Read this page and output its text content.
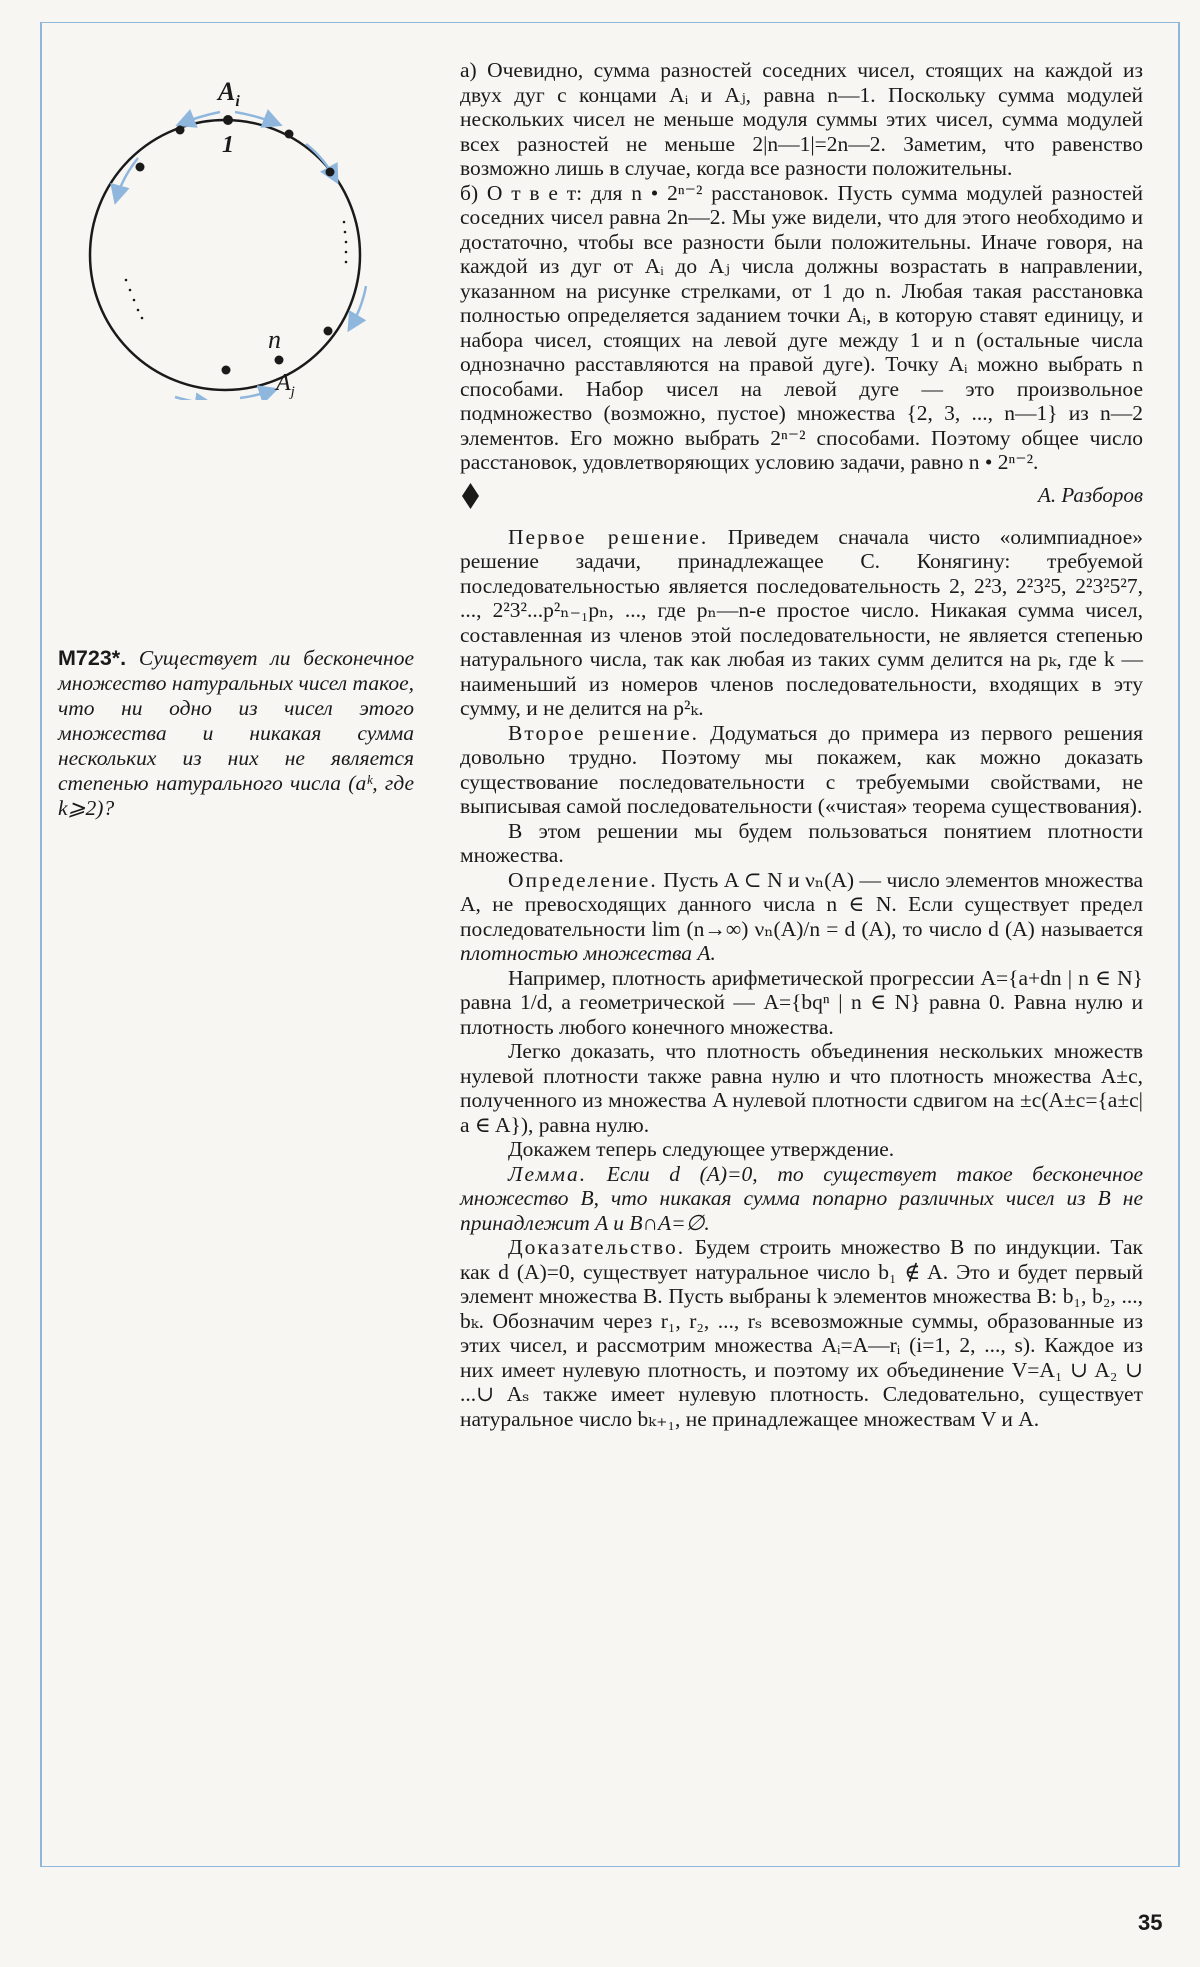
$A_i$
1
n
$A_j$
М723*. Существует ли бесконечное множество натуральных чисел такое, что ни одно из чисел этого множества и никакая сумма нескольких из них не является степенью натурального числа (aᵏ, где k⩾2)?

а) Очевидно, сумма разностей соседних чисел, стоящих на каждой из двух дуг с концами Aᵢ и Aⱼ, равна n—1. Поскольку сумма модулей нескольких чисел не меньше модуля суммы этих чисел, сумма модулей всех разностей не меньше 2|n—1|=2n—2. Заметим, что равенство возможно лишь в случае, когда все разности положительны.

б) О т в е т: для n • 2ⁿ⁻² расстановок. Пусть сумма модулей разностей соседних чисел равна 2n—2. Мы уже видели, что для этого необходимо и достаточно, чтобы все разности были положительны. Иначе говоря, на каждой из дуг от Aᵢ до Aⱼ числа должны возрастать в направлении, указанном на рисунке стрелками, от 1 до n. Любая такая расстановка полностью определяется заданием точки Aᵢ, в которую ставят единицу, и набора чисел, стоящих на левой дуге между 1 и n (остальные числа однозначно расставляются на правой дуге). Точку Aᵢ можно выбрать n способами. Набор чисел на левой дуге — это произвольное подмножество (возможно, пустое) множества {2, 3, ..., n—1} из n—2 элементов. Его можно выбрать 2ⁿ⁻² способами. Поэтому общее число расстановок, удовлетворяющих условию задачи, равно n • 2ⁿ⁻².

А. Разборов

Первое решение. Приведем сначала чисто «олимпиадное» решение задачи, принадлежащее С. Конягину: требуемой последовательностью является последовательность 2, 2²3, 2²3²5, 2²3²5²7, ..., 2²3²...p²ₙ₋₁pₙ, ..., где pₙ—n-е простое число. Никакая сумма чисел, составленная из членов этой последовательности, не является степенью натурального числа, так как любая из таких сумм делится на pₖ, где k — наименьший из номеров членов последовательности, входящих в эту сумму, и не делится на p²ₖ.

Второе решение. Додуматься до примера из первого решения довольно трудно. Поэтому мы покажем, как можно доказать существование последовательности с требуемыми свойствами, не выписывая самой последовательности («чистая» теорема существования).

В этом решении мы будем пользоваться понятием плотности множества.

Определение. Пусть A ⊂ N и νₙ(A) — число элементов множества A, не превосходящих данного числа n ∈ N. Если существует предел последовательности lim (n→∞) νₙ(A)/n = d (A), то число d (A) называется плотностью множества A.

Например, плотность арифметической прогрессии A={a+dn | n ∈ N} равна 1/d, а геометрической — A={bqⁿ | n ∈ N} равна 0. Равна нулю и плотность любого конечного множества.

Легко доказать, что плотность объединения нескольких множеств нулевой плотности также равна нулю и что плотность множества A±c, полученного из множества A нулевой плотности сдвигом на ±c(A±c={a±c| a ∈ A}), равна нулю.

Докажем теперь следующее утверждение.

Лемма. Если d (A)=0, то существует такое бесконечное множество B, что никакая сумма попарно различных чисел из B не принадлежит A и B∩A=∅.

Доказательство. Будем строить множество B по индукции. Так как d (A)=0, существует натуральное число b₁ ∉ A. Это и будет первый элемент множества B. Пусть выбраны k элементов множества B: b₁, b₂, ..., bₖ. Обозначим через r₁, r₂, ..., rₛ всевозможные суммы, образованные из этих чисел, и рассмотрим множества Aᵢ=A—rᵢ (i=1, 2, ..., s). Каждое из них имеет нулевую плотность, и поэтому их объединение V=A₁ ∪ A₂ ∪ ...∪ Aₛ также имеет нулевую плотность. Следовательно, существует натуральное число bₖ₊₁, не принадлежащее множествам V и A.

35
